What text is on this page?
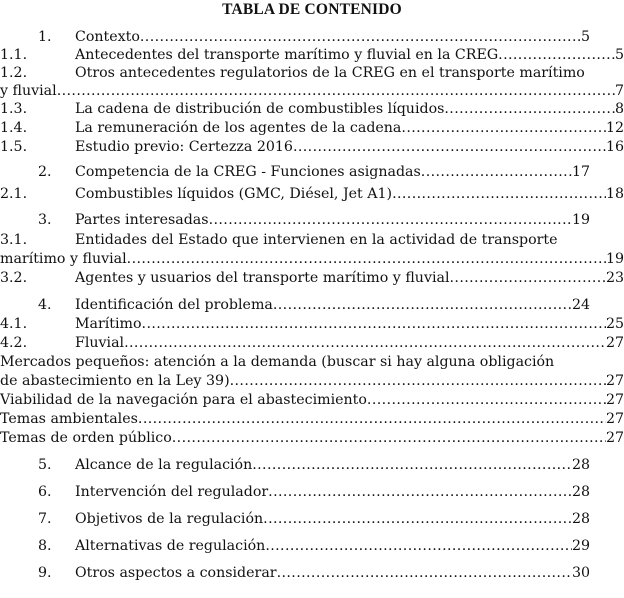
TABLA DE CONTENIDO
1.	Contexto .....	5
1.1.	Antecedentes del transporte marítimo y fluvial en la CREG .....	5
1.2.	Otros antecedentes regulatorios de la CREG en el transporte marítimo
y fluvial .....	7
1.3.	La cadena de distribución de combustibles líquidos .....	8
1.4.	La remuneración de los agentes de la cadena .....	12
1.5.	Estudio previo: Certezza 2016 .....	16
2.	Competencia de la CREG - Funciones asignadas .....	17
2.1.	Combustibles líquidos (GMC, Diésel, Jet A1) .....	18
3.	Partes interesadas .....	19
3.1.	Entidades del Estado que intervienen en la actividad de transporte
marítimo y fluvial .....	19
3.2.	Agentes y usuarios del transporte marítimo y fluvial .....	23
4.	Identificación del problema .....	24
4.1.	Marítimo .....	25
4.2.	Fluvial .....	27
Mercados pequeños: atención a la demanda (buscar si hay alguna obligación
de abastecimiento en la Ley 39) .....	27
Viabilidad de la navegación para el abastecimiento .....	27
Temas ambientales .....	27
Temas de orden público .....	27
5.	Alcance de la regulación .....	28
6.	Intervención del regulador .....	28
7.	Objetivos de la regulación .....	28
8.	Alternativas de regulación .....	29
9.	Otros aspectos a considerar .....	30
